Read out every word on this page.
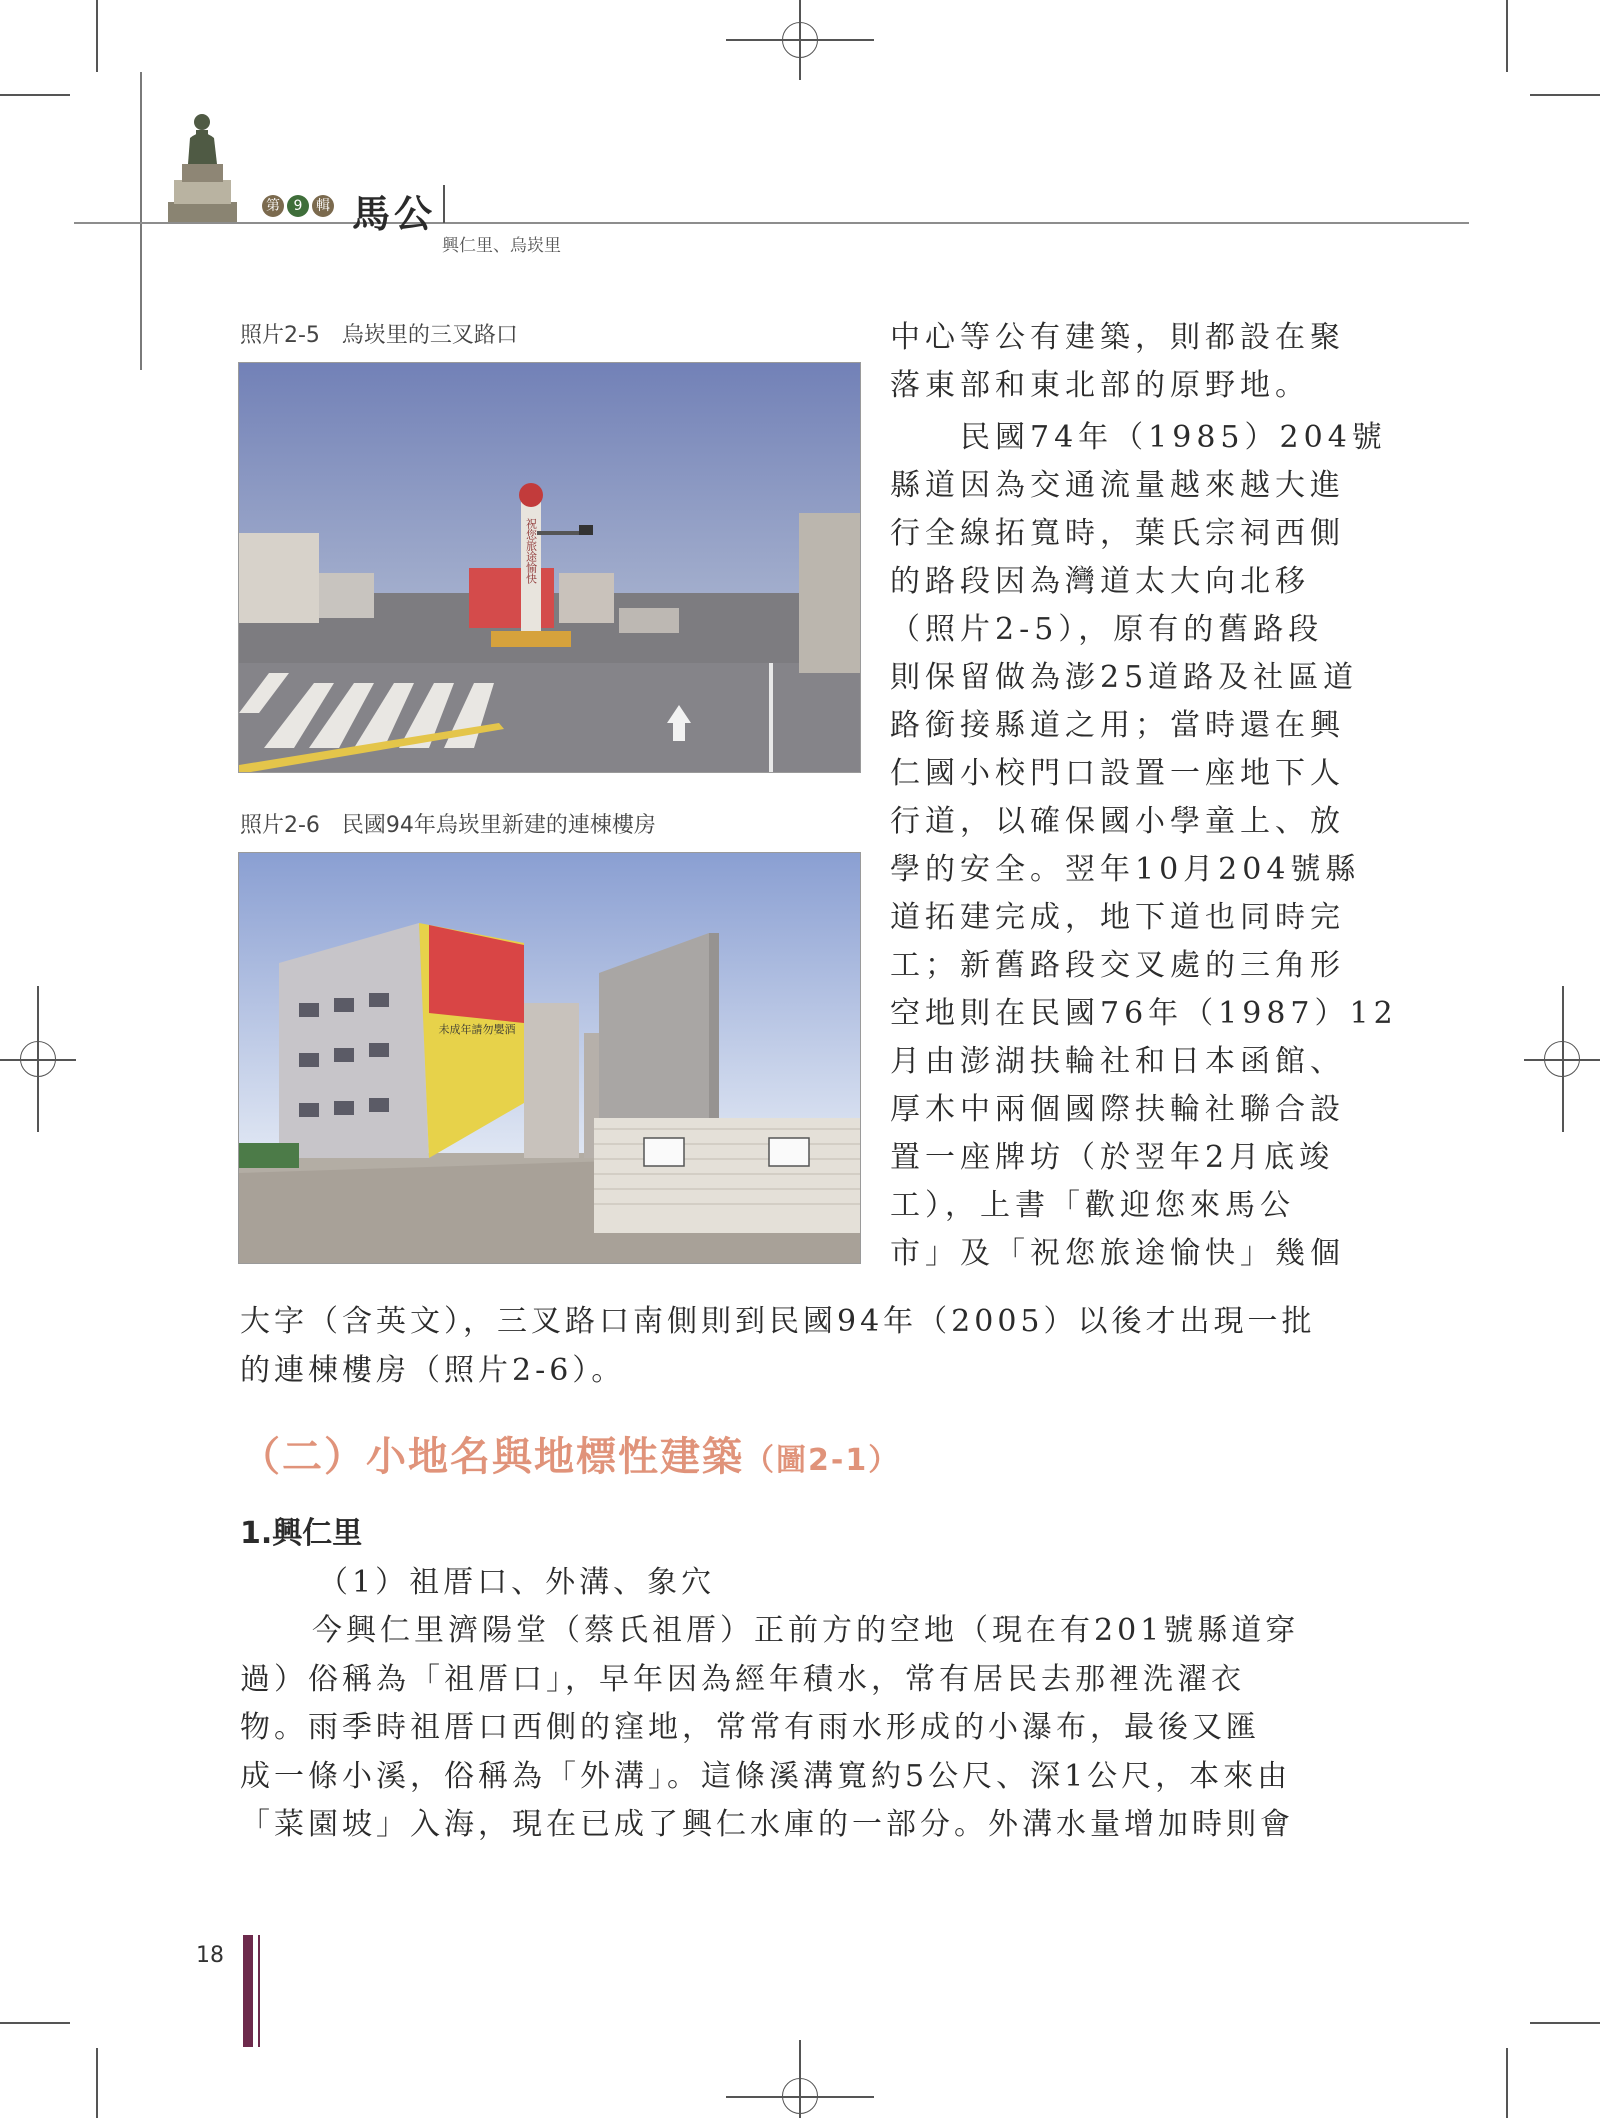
第 9 輯 馬公
興仁里、烏崁里
照片2-5　烏崁里的三叉路口
祝您旅途愉快
照片2-6　民國94年烏崁里新建的連棟樓房
未成年請勿嬰酒

中心等公有建築，則都設在聚

落東部和東北部的原野地。

　　民國74年（1985）204號

縣道因為交通流量越來越大進

行全線拓寬時，葉氏宗祠西側

的路段因為灣道太大向北移

（照片2-5），原有的舊路段

則保留做為澎25道路及社區道

路銜接縣道之用；當時還在興

仁國小校門口設置一座地下人

行道，以確保國小學童上、放

學的安全。翌年10月204號縣

道拓建完成，地下道也同時完

工；新舊路段交叉處的三角形

空地則在民國76年（1987）12

月由澎湖扶輪社和日本函館、

厚木中兩個國際扶輪社聯合設

置一座牌坊（於翌年2月底竣

工），上書「歡迎您來馬公

市」及「祝您旅途愉快」幾個

大字（含英文），三叉路口南側則到民國94年（2005）以後才出現一批

的連棟樓房（照片2-6）。

（二）小地名與地標性建築（圖2-1）
1.興仁里
（1）祖厝口、外溝、象穴

今興仁里濟陽堂（蔡氏祖厝）正前方的空地（現在有201號縣道穿

過）俗稱為「祖厝口」，早年因為經年積水，常有居民去那裡洗濯衣

物。雨季時祖厝口西側的窪地，常常有雨水形成的小瀑布，最後又匯

成一條小溪，俗稱為「外溝」。這條溪溝寬約5公尺、深1公尺，本來由

「菜園坡」入海，現在已成了興仁水庫的一部分。外溝水量增加時則會

18
